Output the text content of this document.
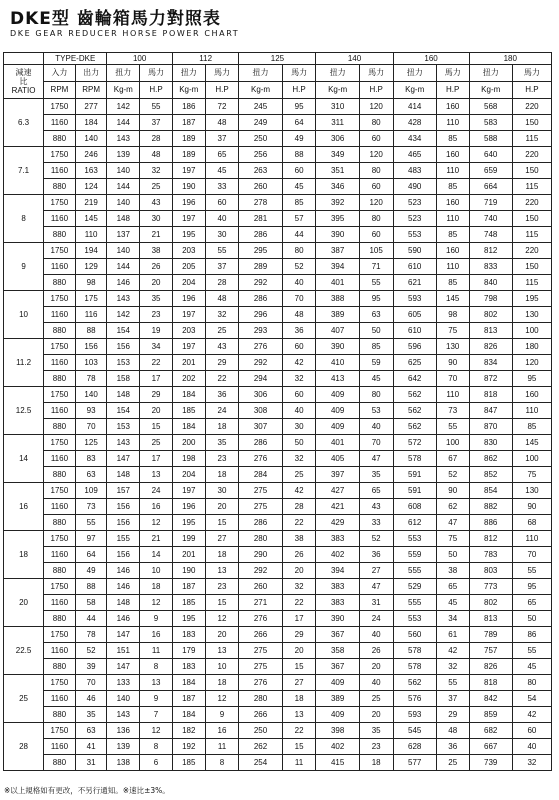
DKE型 齒輪箱馬力對照表
DKE GEAR REDUCER HORSE POWER CHART
	TYPE-DKE		100		112		125		140		160		180	

減速
比
RATIO	入力	出力	扭力	馬力	扭力	馬力	扭力	馬力	扭力	馬力	扭力	馬力	扭力	馬力
	RPM	RPM	Kg-m	H.P	Kg-m	H.P	Kg-m	H.P	Kg-m	H.P	Kg-m	H.P	Kg-m	H.P
6.3	1750	277	142	55	186	72	245	95	310	120	414	160	568	220
	1160	184	144	37	187	48	249	64	311	80	428	110	583	150
	880	140	143	28	189	37	250	49	306	60	434	85	588	115
7.1	1750	246	139	48	189	65	256	88	349	120	465	160	640	220
	1160	163	140	32	197	45	263	60	351	80	483	110	659	150
	880	124	144	25	190	33	260	45	346	60	490	85	664	115
8	1750	219	140	43	196	60	278	85	392	120	523	160	719	220
	1160	145	148	30	197	40	281	57	395	80	523	110	740	150
	880	110	137	21	195	30	286	44	390	60	553	85	748	115
9	1750	194	140	38	203	55	295	80	387	105	590	160	812	220
	1160	129	144	26	205	37	289	52	394	71	610	110	833	150
	880	98	146	20	204	28	292	40	401	55	621	85	840	115
10	1750	175	143	35	196	48	286	70	388	95	593	145	798	195
	1160	116	142	23	197	32	296	48	389	63	605	98	802	130
	880	88	154	19	203	25	293	36	407	50	610	75	813	100
11.2	1750	156	156	34	197	43	276	60	390	85	596	130	826	180
	1160	103	153	22	201	29	292	42	410	59	625	90	834	120
	880	78	158	17	202	22	294	32	413	45	642	70	872	95
12.5	1750	140	148	29	184	36	306	60	409	80	562	110	818	160
	1160	93	154	20	185	24	308	40	409	53	562	73	847	110
	880	70	153	15	184	18	307	30	409	40	562	55	870	85
14	1750	125	143	25	200	35	286	50	401	70	572	100	830	145
	1160	83	147	17	198	23	276	32	405	47	578	67	862	100
	880	63	148	13	204	18	284	25	397	35	591	52	852	75
16	1750	109	157	24	197	30	275	42	427	65	591	90	854	130
	1160	73	156	16	196	20	275	28	421	43	608	62	882	90
	880	55	156	12	195	15	286	22	429	33	612	47	886	68
18	1750	97	155	21	199	27	280	38	383	52	553	75	812	110
	1160	64	156	14	201	18	290	26	402	36	559	50	783	70
	880	49	146	10	190	13	292	20	394	27	555	38	803	55
20	1750	88	146	18	187	23	260	32	383	47	529	65	773	95
	1160	58	148	12	185	15	271	22	383	31	555	45	802	65
	880	44	146	9	195	12	276	17	390	24	553	34	813	50
22.5	1750	78	147	16	183	20	266	29	367	40	560	61	789	86
	1160	52	151	11	179	13	275	20	358	26	578	42	757	55
	880	39	147	8	183	10	275	15	367	20	578	32	826	45
25	1750	70	133	13	184	18	276	27	409	40	562	55	818	80
	1160	46	140	9	187	12	280	18	389	25	576	37	842	54
	880	35	143	7	184	9	266	13	409	20	593	29	859	42
28	1750	63	136	12	182	16	250	22	398	35	545	48	682	60
	1160	41	139	8	192	11	262	15	402	23	628	36	667	40
	880	31	138	6	185	8	254	11	415	18	577	25	739	32
※以上規格如有更改，不另行通知。※速比±3%。
